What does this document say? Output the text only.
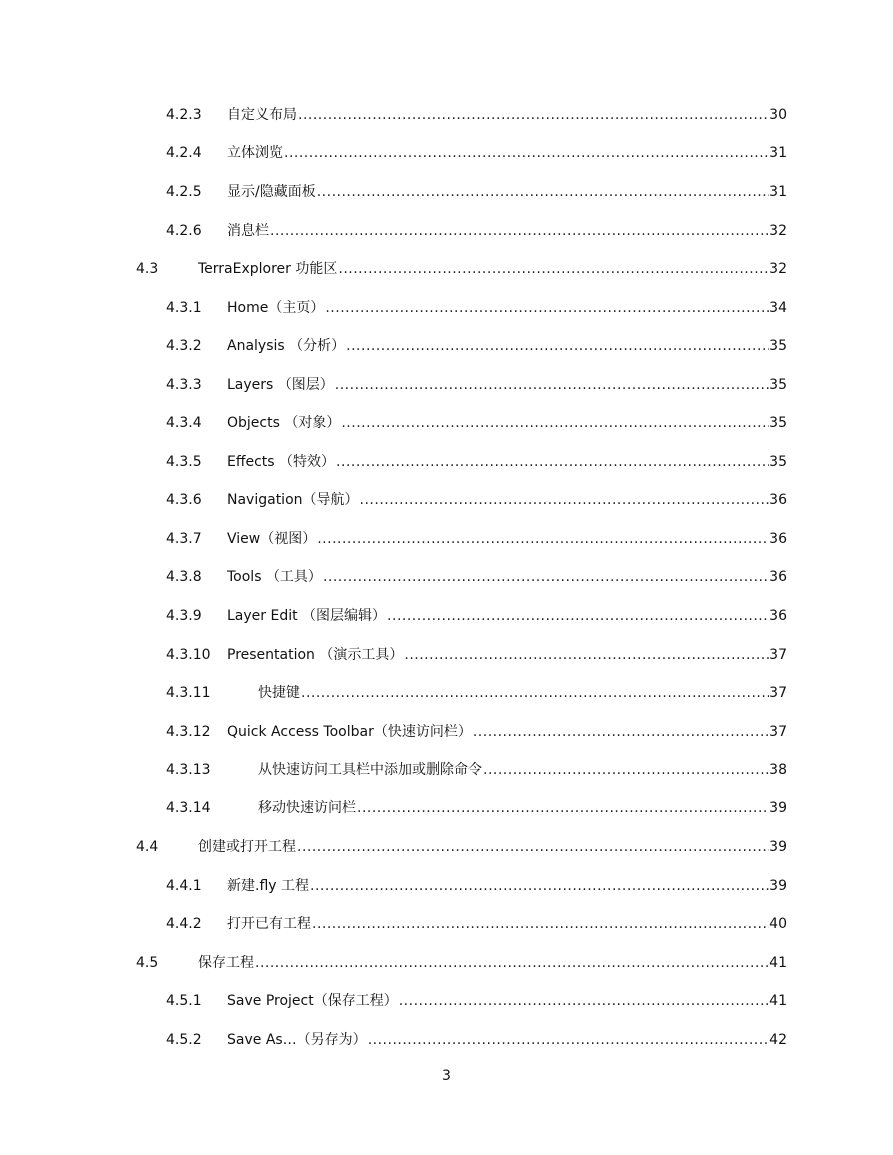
4.2.3	自定义布局 .....	30
4.2.4	立体浏览 .....	31
4.2.5	显示/隐藏面板 .....	31
4.2.6	消息栏 .....	32
4.3	TerraExplorer 功能区 .....	32
4.3.1	Home（主页） .....	34
4.3.2	Analysis （分析） .....	35
4.3.3	Layers （图层） .....	35
4.3.4	Objects （对象） .....	35
4.3.5	Effects （特效） .....	35
4.3.6	Navigation（导航） .....	36
4.3.7	View（视图） .....	36
4.3.8	Tools （工具） .....	36
4.3.9	Layer Edit （图层编辑） .....	36
4.3.10	Presentation （演示工具） .....	37
4.3.11	快捷键 .....	37
4.3.12	Quick Access Toolbar（快速访问栏） .....	37
4.3.13	从快速访问工具栏中添加或删除命令 .....	38
4.3.14	移动快速访问栏 .....	39
4.4	创建或打开工程 .....	39
4.4.1	新建.fly 工程 .....	39
4.4.2	打开已有工程 .....	40
4.5	保存工程 .....	41
4.5.1	Save Project（保存工程） .....	41
4.5.2	Save As…（另存为） .....	42
3
